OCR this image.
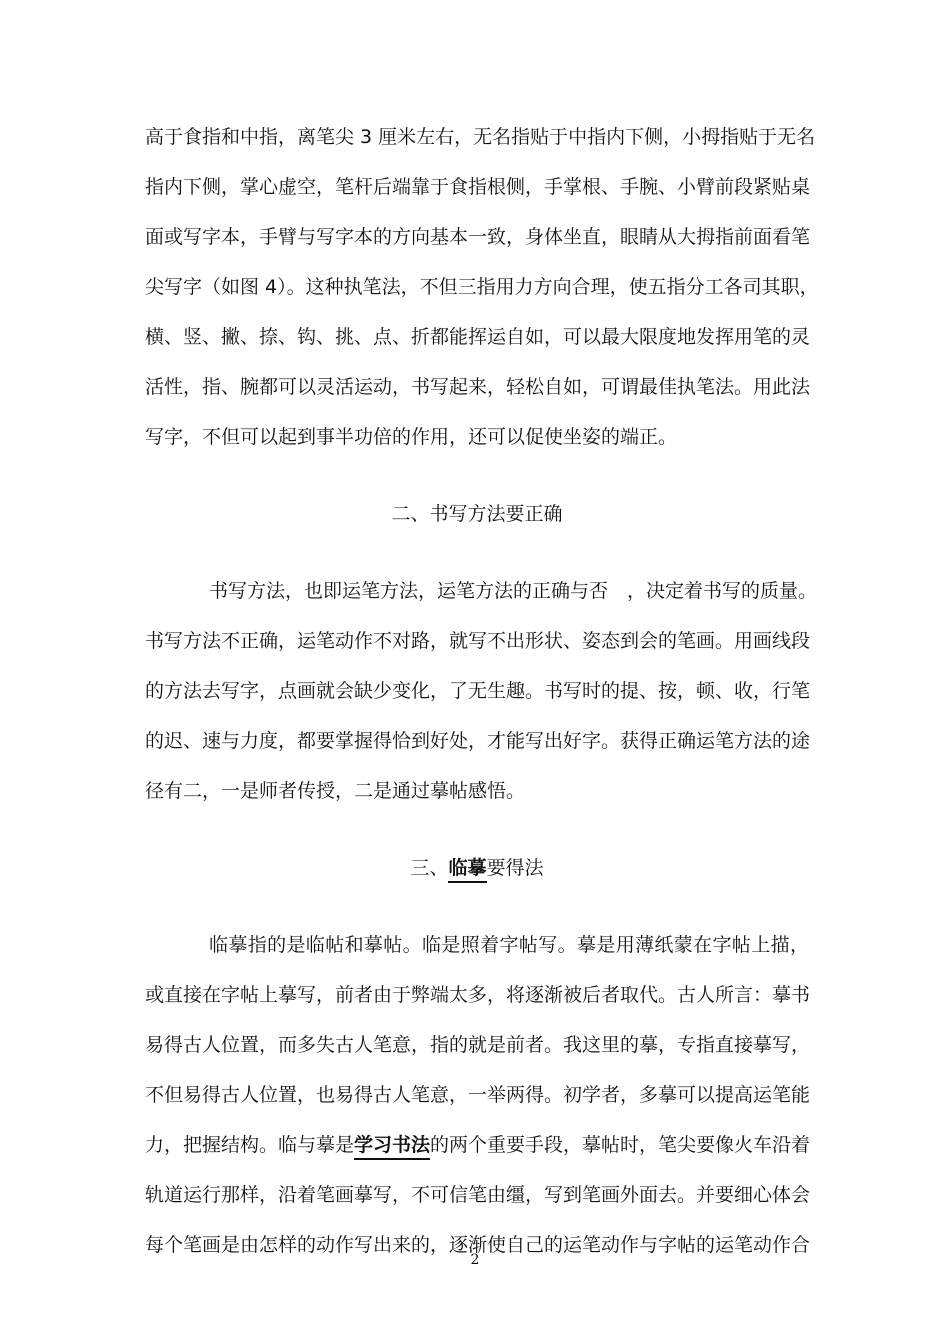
高于食指和中指，离笔尖 3 厘米左右，无名指贴于中指内下侧，小拇指贴于无名

指内下侧，掌心虚空，笔杆后端靠于食指根侧，手掌根、手腕、小臂前段紧贴桌

面或写字本，手臂与写字本的方向基本一致，身体坐直，眼睛从大拇指前面看笔

尖写字（如图 4）。这种执笔法，不但三指用力方向合理，使五指分工各司其职，

横、竖、撇、捺、钩、挑、点、折都能挥运自如，可以最大限度地发挥用笔的灵

活性，指、腕都可以灵活运动，书写起来，轻松自如，可谓最佳执笔法。用此法

写字，不但可以起到事半功倍的作用，还可以促使坐姿的端正。

二、书写方法要正确

书写方法，也即运笔方法，运笔方法的正确与否　，决定着书写的质量。

书写方法不正确，运笔动作不对路，就写不出形状、姿态到会的笔画。用画线段

的方法去写字，点画就会缺少变化，了无生趣。书写时的提、按，顿、收，行笔

的迟、速与力度，都要掌握得恰到好处，才能写出好字。获得正确运笔方法的途

径有二，一是师者传授，二是通过摹帖感悟。

三、临摹要得法

临摹指的是临帖和摹帖。临是照着字帖写。摹是用薄纸蒙在字帖上描，

或直接在字帖上摹写，前者由于弊端太多，将逐渐被后者取代。古人所言：摹书

易得古人位置，而多失古人笔意，指的就是前者。我这里的摹，专指直接摹写，

不但易得古人位置，也易得古人笔意，一举两得。初学者，多摹可以提高运笔能

力，把握结构。临与摹是学习书法的两个重要手段，摹帖时，笔尖要像火车沿着

轨道运行那样，沿着笔画摹写，不可信笔由缰，写到笔画外面去。并要细心体会

每个笔画是由怎样的动作写出来的，逐渐使自己的运笔动作与字帖的运笔动作合

2
